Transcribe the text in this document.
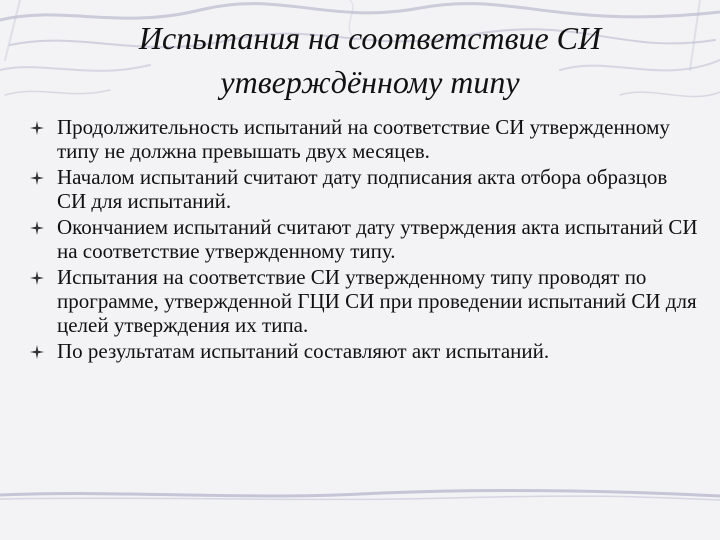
Испытания на соответствие СИ
утверждённому типу
Продолжительность испытаний на соответствие СИ утвержденному типу не должна превышать двух месяцев.
Началом испытаний считают дату подписания акта отбора образцов СИ для испытаний.
Окончанием испытаний считают дату утверждения акта испытаний СИ на соответствие утвержденному типу.
Испытания на соответствие СИ утвержденному типу проводят по программе, утвержденной ГЦИ СИ при проведении испытаний СИ для целей утверждения их типа.
По результатам испытаний составляют акт испытаний.
